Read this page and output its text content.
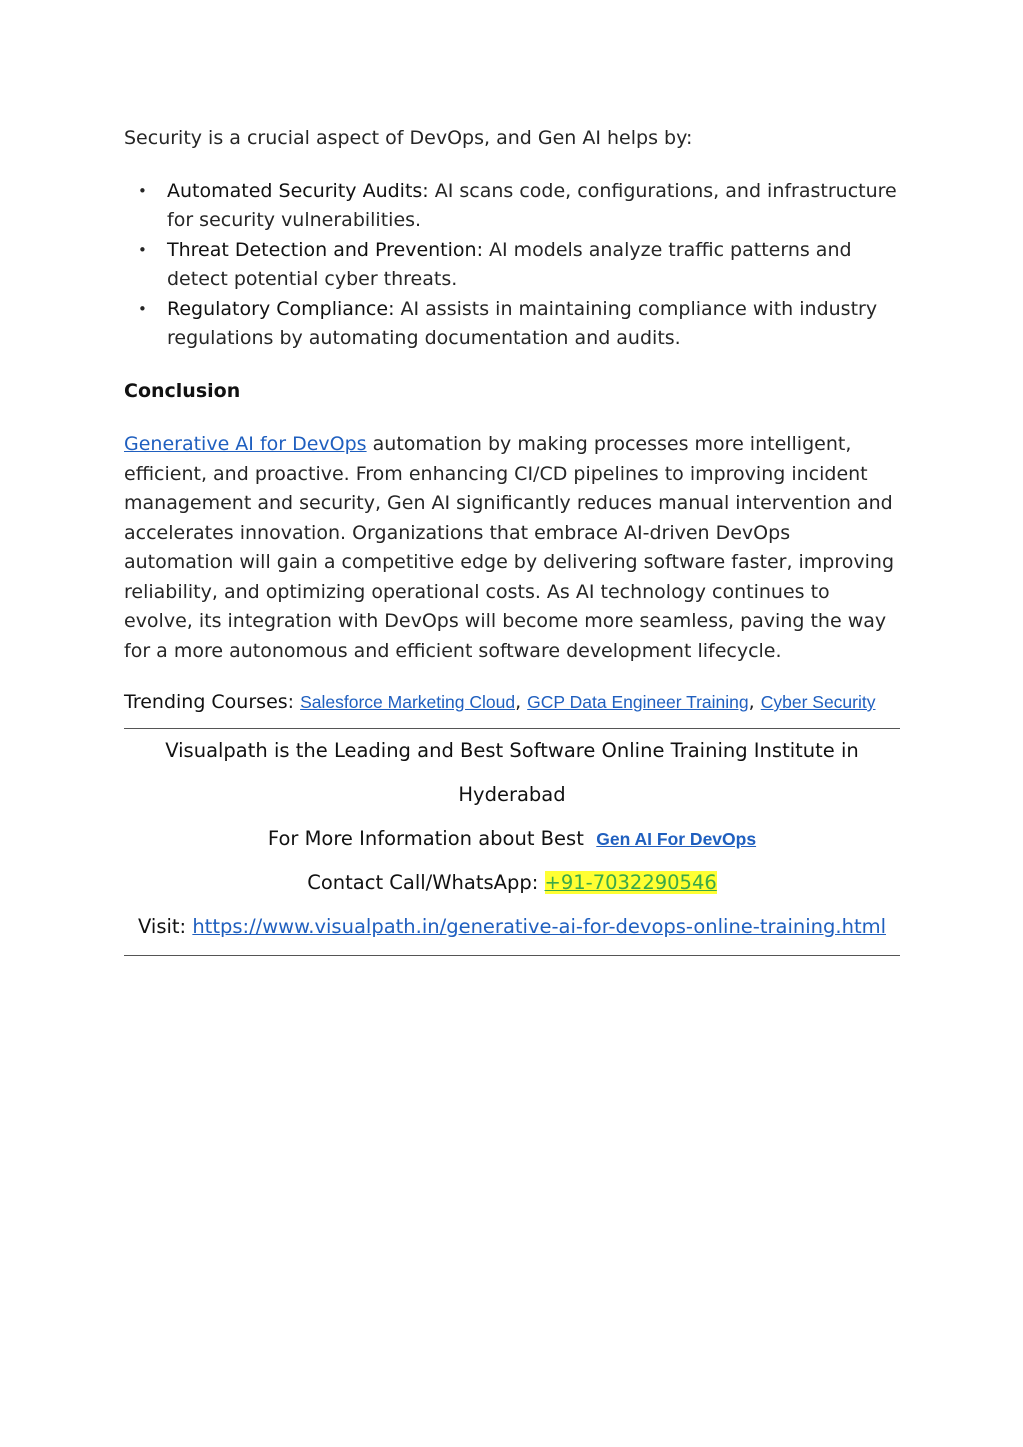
Security is a crucial aspect of DevOps, and Gen AI helps by:

• Automated Security Audits: AI scans code, configurations, and infrastructure for security vulnerabilities.
• Threat Detection and Prevention: AI models analyze traffic patterns and detect potential cyber threats.
• Regulatory Compliance: AI assists in maintaining compliance with industry regulations by automating documentation and audits.
Conclusion

Generative AI for DevOps automation by making processes more intelligent, efficient, and proactive. From enhancing CI/CD pipelines to improving incident management and security, Gen AI significantly reduces manual intervention and accelerates innovation. Organizations that embrace AI-driven DevOps automation will gain a competitive edge by delivering software faster, improving reliability, and optimizing operational costs. As AI technology continues to evolve, its integration with DevOps will become more seamless, paving the way for a more autonomous and efficient software development lifecycle.

Trending Courses: Salesforce Marketing Cloud, GCP Data Engineer Training, Cyber Security

Visualpath is the Leading and Best Software Online Training Institute in
Hyderabad
For More Information about Best Gen AI For DevOps
Contact Call/WhatsApp: +91-7032290546
Visit: https://www.visualpath.in/generative-ai-for-devops-online-training.html
